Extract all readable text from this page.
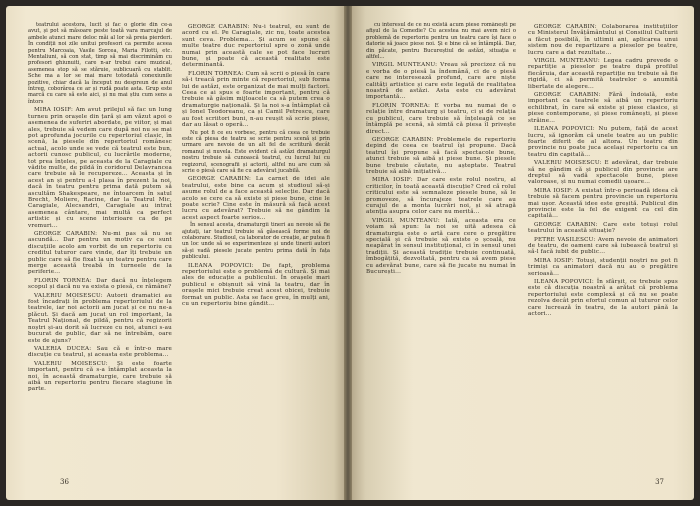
teatrului acestora, lucit și fac o glorie din ce-a avut, și pot să măsoare peste toată vara marcajul de ambele atunci mare deloc măi al lor să preia pierderi. În condiții noi zile unitui profesori ca permite aceea pentru Marcoaia, Vasile Sorcea, Maria Filotti, etc. Mentaliuni, să con stat, timp să mai discriminăm cu profesori ghiunuiti, care n-ar trebui care muzical, asemenea stop să se stăruie, sublicuară cu stablit. Sche ma a lor se mai mare totodată conexiunile pozitive, chiar dacă la început nu despreun de anul întreg, coborârea ce ar și rudă poate asta. Grup este marcă cu care să este aici, și nu mai știu cum sens a întors

MIRA IOSIF: Am avut prilejul să fac un lung turneu prin orașele din țară și am văzut apoi o asemenea de suferiri abordate, pe viitor, și mai ales, trebuie să vedem care după noi nu se mai pot aprofunda jocurile cu repertoriul clasic, în scenă, la piesele din repertoriul românesc actual, acolo unde se vede că teatrul este bun, actorii cunosc publicul, cu lucrările moderne, tot prea înțeles, pe aceasta de la Caragiale cu vădite multe, de pildă în coridorul Delavrancea care trebuie să le recupereze... Aceasta și în acest an și pentru a-l plasa în prezent la noi, dacă în teatru pentru prima dată putem să ascultăm Shakespeare, ne întoarcem în satul Brecht, Moliere, Racine, dar la Teatrul Mic, Caragiale, Alecsandri, Caragiale au intrat asemenea cântare, mai multă ca perfect artistic și cu scene interioare ca de pe vremuri...

GEORGE CARABIN: Nu-mi pas să nu se ascundă... Dar pentru un motiv ca ce sunt discuțiile acolo am vorbit de un repertoriu cu creditul tuturor care vinde, dar îți trebuie un public care să fie fixat la un teatru pentru care merge această treabă în turneele de la periferie...

FLORIN TORNEA: Dar dacă nu înțelegem scopul și dacă nu va exista o piesă, ce rămâne?

VALERIU MOISESCU: Autorii dramatici au fost încadrați în problema repertoriului de la teatrele, iar noi actorii am jucat și ce nu ne-a plăcut. Și dacă am jucat un rol important, la Teatrul Național, de pildă, pentru că regizorii noștri și-au dorit să lucreze cu noi, atunci s-au bucurat de public, dar să ne întrebăm, oare este de ajuns?

VALERIA DUCEA: Sau că e într-o mare discuție cu teatrul, și aceasta este problema...

VALERIU MOISESCU: Și este foarte important, pentru că s-a întâmplat aceasta la noi, în această dramaturgie, care trebuie să aibă un repertoriu pentru fiecare stagiune în parte.

GEORGE CARABIN: Nu-i teatrul, eu sunt de acord cu el. Pe Caragiale, zic nu, toate acestea sunt ceva. Problema... Și acum se spune că multe teatre duc repertoriul spre o zonă unde numai prin această cale se pot face lucruri bune, și poate că această realitate este determinantă.

FLORIN TORNEA: Cum să scrii o piesă în care să-i treacă prin minte că repertoriul, sub forma lui de astăzi, este organizat de mai mulți factori. Ceea ce ai spus e foarte important, pentru că trebuie să găsim mijloacele ca să putem crea o dramaturgie națională. Și la noi s-a întâmplat că și Ionel Teodoreanu, ca și Camil Petrescu, care au fost scriitori buni, n-au reușit să scrie piese, dar au lăsat o operă...

Nu pot fi ce eu vorbesc, pentru că ceea ce trebuie este că piesa de teatru se scrie pentru scenă și prin urmare are nevoie de un alt fel de scriitură decât romanul și nuvela. Este evident că astăzi dramaturgul nostru trebuie să cunoască teatrul, cu lucrul lui cu regizorul, scenografii și actorii, altfel nu are cum să scrie o piesă care să fie cu adevărat jucabilă.

GEORGE CARABIN: La carnet de idei ale teatrului, este bine ca acum și studioul să-și asume rolul de a face această selecție. Dar dacă acolo se cere ca să existe și piese bune, cine le poate scrie? Cine este în măsură să facă acest lucru cu adevărat? Trebuie să ne gândim la acest aspect foarte serios...

În sensul acesta, dramaturgii tineri au nevoie să fie ajutați, iar teatrul trebuie să găsească forme noi de colaborare. Studioul, ca laborator de creație, ar putea fi un loc unde să se experimenteze și unde tinerii autori să-și vadă piesele jucate pentru prima dată în fața publicului.

ILEANA POPOVICI: De fapt, problema repertoriului este o problemă de cultură. Și mai ales de educație a publicului. În orașele mari publicul e obișnuit să vină la teatru, dar în orașele mici trebuie creat acest obicei, trebuie format un public. Asta se face greu, în mulți ani, cu un repertoriu bine gândit...

36

cu interesul de ce nu există acum piese românești pe afișul de la Comedie? Cu acestea nu mai avem nici o problemă de repertoriu pentru un teatru care își face o datorie să joace piese noi. Și e bine că se întâmplă. Dar, din păcate, pentru Bucureștiul de astăzi, situația e altfel...

VIRGIL MUNTEANU: Vreau să precizez că nu e vorba de o piesă la îndemână, ci de o piesă care ne interesează profund, care are niște calități artistice și care este legată de realitatea noastră de astăzi. Asta este cu adevărat importantă...

FLORIN TORNEA: E vorba nu numai de o relație între dramaturg și teatru, ci și de relația cu publicul, care trebuie să înțeleagă ce se întâmplă pe scenă, să simtă că piesa îl privește direct...

GEORGE CARABIN: Problemele de repertoriu depind de ceea ce teatrul își propune. Dacă teatrul își propune să facă spectacole bune, atunci trebuie să aibă și piese bune. Și piesele bune trebuie căutate, nu așteptate. Teatrul trebuie să aibă inițiativă...

MIRA IOSIF: Dar care este rolul nostru, al criticilor, în toată această discuție? Cred că rolul criticului este să semnaleze piesele bune, să le promoveze, să încurajeze teatrele care au curajul de a monta lucrări noi, și să atragă atenția asupra celor care nu merită...

VIRGIL MUNTEANU: Iată, aceasta era ce voiam să spun: la noi se uită adesea că dramaturgia este o artă care cere o pregătire specială și că trebuie să existe o școală, nu neapărat în sensul instituțional, ci în sensul unei tradiții. Și această tradiție trebuie continuată, îmbogățită, dezvoltată, pentru ca să avem piese cu adevărat bune, care să fie jucate nu numai în București...

GEORGE CARABIN: Colaborarea instituțiilor cu Ministerul Învățământului și Consiliul Culturii a făcut posibilă, în ultimii ani, aplicarea unui sistem nou de repartizare a pieselor pe teatre, lucru care a dat rezultate...

VIRGIL MUNTEANU: Legea cadru prevede o repartiție a pieselor pe teatre după profilul fiecăruia, dar această repartiție nu trebuie să fie rigidă, ci să permită teatrelor o anumită libertate de alegere...

GEORGE CARABIN: Fără îndoială, este important ca teatrele să aibă un repertoriu echilibrat, în care să existe și piese clasice, și piese contemporane, și piese românești, și piese străine...

ILEANA POPOVICI: Nu putem, față de acest lucru, să ignorăm că unele teatre au un public foarte diferit de al altora. Un teatru din provincie nu poate juca același repertoriu ca un teatru din capitală...

VALERIU MOISESCU: E adevărat, dar trebuie să ne gândim că și publicul din provincie are dreptul să vadă spectacole bune, piese valoroase, și nu numai comedii ușoare...

MIRA IOSIF: A existat într-o perioadă ideea că trebuie să facem pentru provincie un repertoriu mai ușor. Această idee este greșită. Publicul din provincie este la fel de exigent ca cel din capitală...

GEORGE CARABIN: Care este totuși rolul teatrului în această situație?

PETRE VASILESCU: Avem nevoie de animatori de teatru, de oameni care să iubească teatrul și să-l facă iubit de public...

MIRA IOSIF: Totuși, studenții noștri nu pot fi trimiși ca animatori dacă nu au o pregătire serioasă...

ILEANA POPOVICI: În sfârșit, ce trebuie spus este că discuția noastră a arătat că problema repertoriului este complexă și că nu se poate rezolva decât prin efortul comun al tuturor celor care lucrează în teatru, de la autori până la actori...

37
